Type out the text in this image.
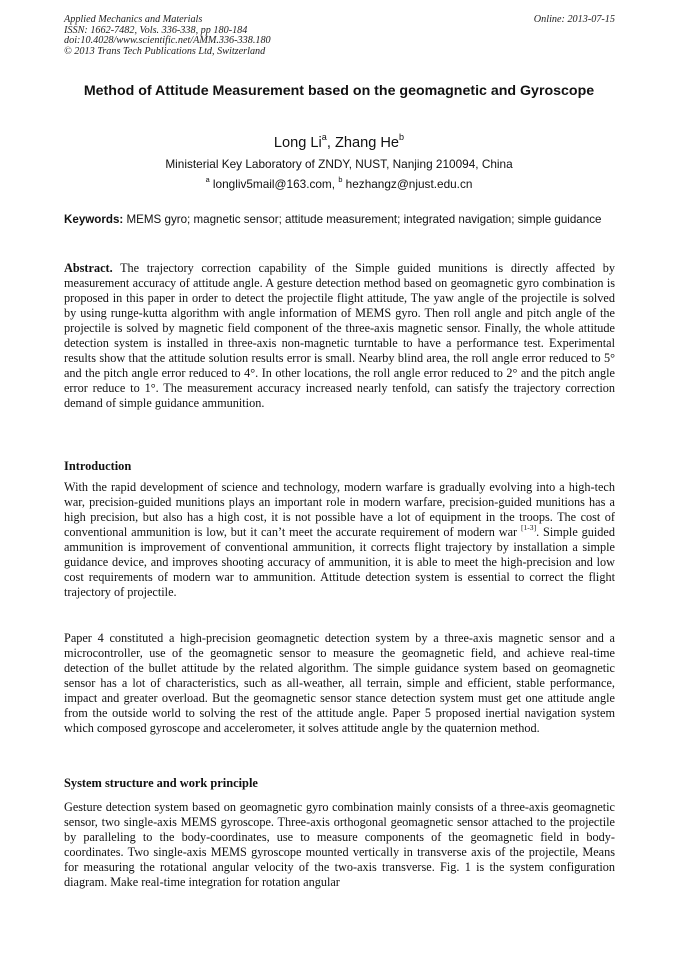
Applied Mechanics and Materials
ISSN: 1662-7482, Vols. 336-338, pp 180-184
doi:10.4028/www.scientific.net/AMM.336-338.180
© 2013 Trans Tech Publications Ltd, Switzerland
Online: 2013-07-15
Method of Attitude Measurement based on the geomagnetic and Gyroscope
Long Li$^a$, Zhang He$^b$
Ministerial Key Laboratory of ZNDY, NUST, Nanjing 210094, China
$^a$ longliv5mail@163.com, $^b$ hezhangz@njust.edu.cn
Keywords: MEMS gyro; magnetic sensor; attitude measurement; integrated navigation; simple guidance
Abstract. The trajectory correction capability of the Simple guided munitions is directly affected by measurement accuracy of attitude angle. A gesture detection method based on geomagnetic gyro combination is proposed in this paper in order to detect the projectile flight attitude, The yaw angle of the projectile is solved by using runge-kutta algorithm with angle information of MEMS gyro. Then roll angle and pitch angle of the projectile is solved by magnetic field component of the three-axis magnetic sensor. Finally, the whole attitude detection system is installed in three-axis non-magnetic turntable to have a performance test. Experimental results show that the attitude solution results error is small. Nearby blind area, the roll angle error reduced to 5° and the pitch angle error reduced to 4°. In other locations, the roll angle error reduced to 2° and the pitch angle error reduce to 1°. The measurement accuracy increased nearly tenfold, can satisfy the trajectory correction demand of simple guidance ammunition.
Introduction
With the rapid development of science and technology, modern warfare is gradually evolving into a high-tech war, precision-guided munitions plays an important role in modern warfare, precision-guided munitions has a high precision, but also has a high cost, it is not possible have a lot of equipment in the troops. The cost of conventional ammunition is low, but it can’t meet the accurate requirement of modern war [1-3]. Simple guided ammunition is improvement of conventional ammunition, it corrects flight trajectory by installation a simple guidance device, and improves shooting accuracy of ammunition, it is able to meet the high-precision and low cost requirements of modern war to ammunition. Attitude detection system is essential to correct the flight trajectory of projectile.
Paper 4 constituted a high-precision geomagnetic detection system by a three-axis magnetic sensor and a microcontroller, use of the geomagnetic sensor to measure the geomagnetic field, and achieve real-time detection of the bullet attitude by the related algorithm. The simple guidance system based on geomagnetic sensor has a lot of characteristics, such as all-weather, all terrain, simple and efficient, stable performance, impact and greater overload. But the geomagnetic sensor stance detection system must get one attitude angle from the outside world to solving the rest of the attitude angle. Paper 5 proposed inertial navigation system which composed gyroscope and accelerometer, it solves attitude angle by the quaternion method.
System structure and work principle
Gesture detection system based on geomagnetic gyro combination mainly consists of a three-axis geomagnetic sensor, two single-axis MEMS gyroscope. Three-axis orthogonal geomagnetic sensor attached to the projectile by paralleling to the body-coordinates, use to measure components of the geomagnetic field in body-coordinates. Two single-axis MEMS gyroscope mounted vertically in transverse axis of the projectile, Means for measuring the rotational angular velocity of the two-axis transverse. Fig. 1 is the system configuration diagram. Make real-time integration for rotation angular
